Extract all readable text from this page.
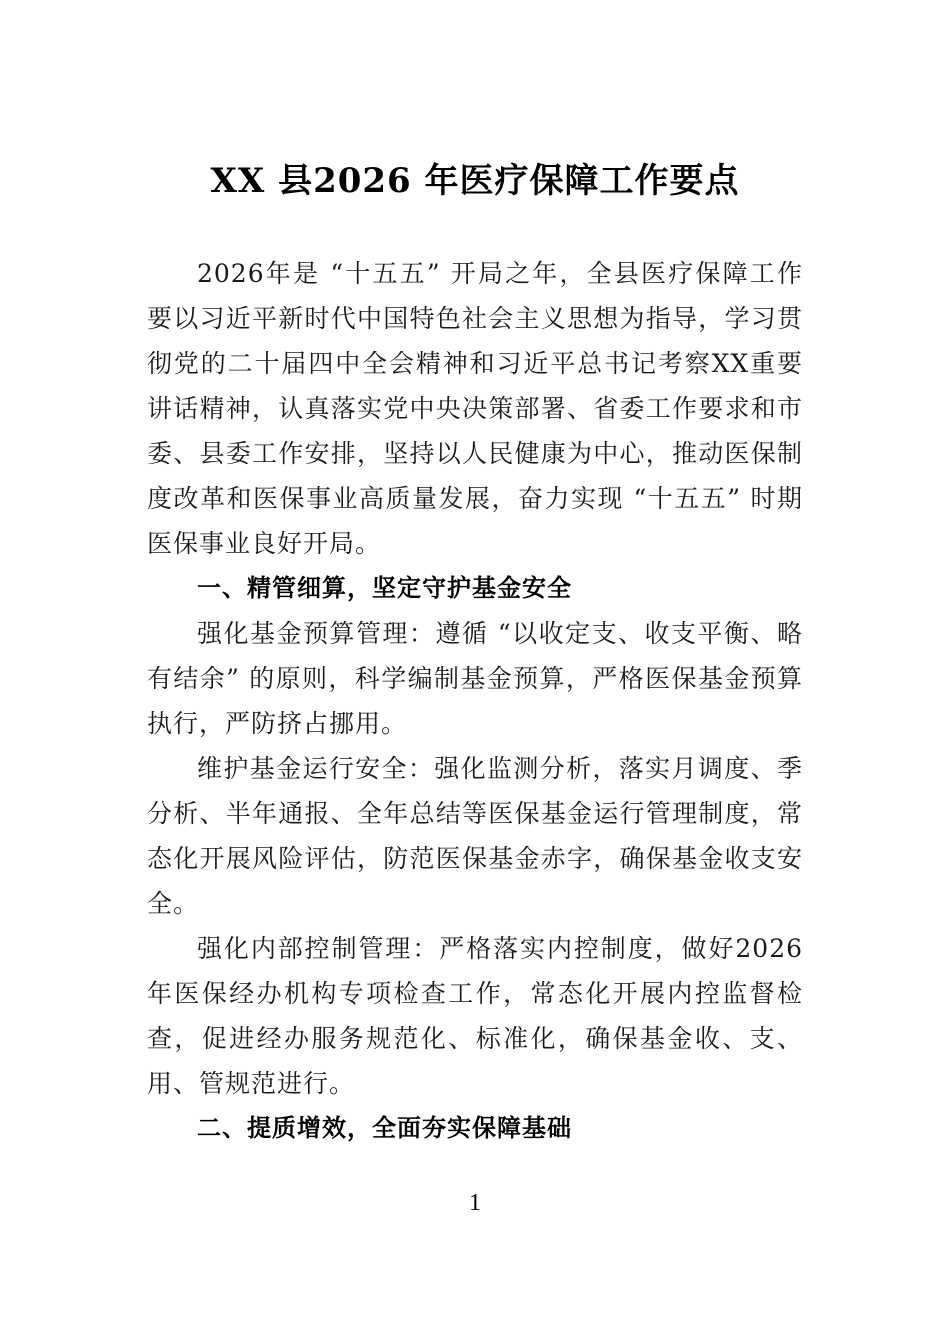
XX 县2026 年医疗保障工作要点

2026年是 “十五五” 开局之年，全县医疗保障工作要以习近平新时代中国特色社会主义思想为指导，学习贯彻党的二十届四中全会精神和习近平总书记考察XX重要讲话精神，认真落实党中央决策部署、省委工作要求和市委、县委工作安排，坚持以人民健康为中心，推动医保制度改革和医保事业高质量发展，奋力实现 “十五五” 时期医保事业良好开局。

一、精管细算，坚定守护基金安全

强化基金预算管理：遵循 “以收定支、收支平衡、略有结余” 的原则，科学编制基金预算，严格医保基金预算执行，严防挤占挪用。

维护基金运行安全：强化监测分析，落实月调度、季分析、半年通报、全年总结等医保基金运行管理制度，常态化开展风险评估，防范医保基金赤字，确保基金收支安全。

强化内部控制管理：严格落实内控制度，做好2026年医保经办机构专项检查工作，常态化开展内控监督检查，促进经办服务规范化、标准化，确保基金收、支、用、管规范进行。

二、提质增效，全面夯实保障基础

1
